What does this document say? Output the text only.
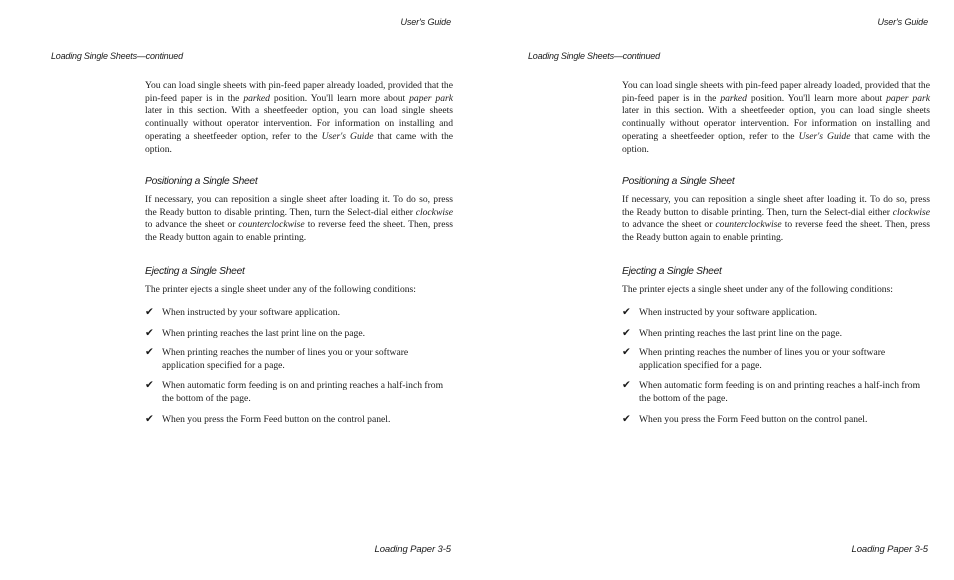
User's Guide
Loading Single Sheets—continued
You can load single sheets with pin-feed paper already loaded, provided that the pin-feed paper is in the parked position. You'll learn more about paper park later in this section. With a sheetfeeder option, you can load single sheets continually without operator intervention. For information on installing and operating a sheetfeeder option, refer to the User's Guide that came with the option.
Positioning a Single Sheet
If necessary, you can reposition a single sheet after loading it. To do so, press the Ready button to disable printing. Then, turn the Select-dial either clockwise to advance the sheet or counterclockwise to reverse feed the sheet. Then, press the Ready button again to enable printing.
Ejecting a Single Sheet
The printer ejects a single sheet under any of the following conditions:
✔ When instructed by your software application.
✔ When printing reaches the last print line on the page.
✔ When printing reaches the number of lines you or your software application specified for a page.
✔ When automatic form feeding is on and printing reaches a half-inch from the bottom of the page.
✔ When you press the Form Feed button on the control panel.
Loading Paper 3-5
User's Guide
Loading Single Sheets—continued
You can load single sheets with pin-feed paper already loaded, provided that the pin-feed paper is in the parked position. You'll learn more about paper park later in this section. With a sheetfeeder option, you can load single sheets continually without operator intervention. For information on installing and operating a sheetfeeder option, refer to the User's Guide that came with the option.
Positioning a Single Sheet
If necessary, you can reposition a single sheet after loading it. To do so, press the Ready button to disable printing. Then, turn the Select-dial either clockwise to advance the sheet or counterclockwise to reverse feed the sheet. Then, press the Ready button again to enable printing.
Ejecting a Single Sheet
The printer ejects a single sheet under any of the following conditions:
✔ When instructed by your software application.
✔ When printing reaches the last print line on the page.
✔ When printing reaches the number of lines you or your software application specified for a page.
✔ When automatic form feeding is on and printing reaches a half-inch from the bottom of the page.
✔ When you press the Form Feed button on the control panel.
Loading Paper 3-5
